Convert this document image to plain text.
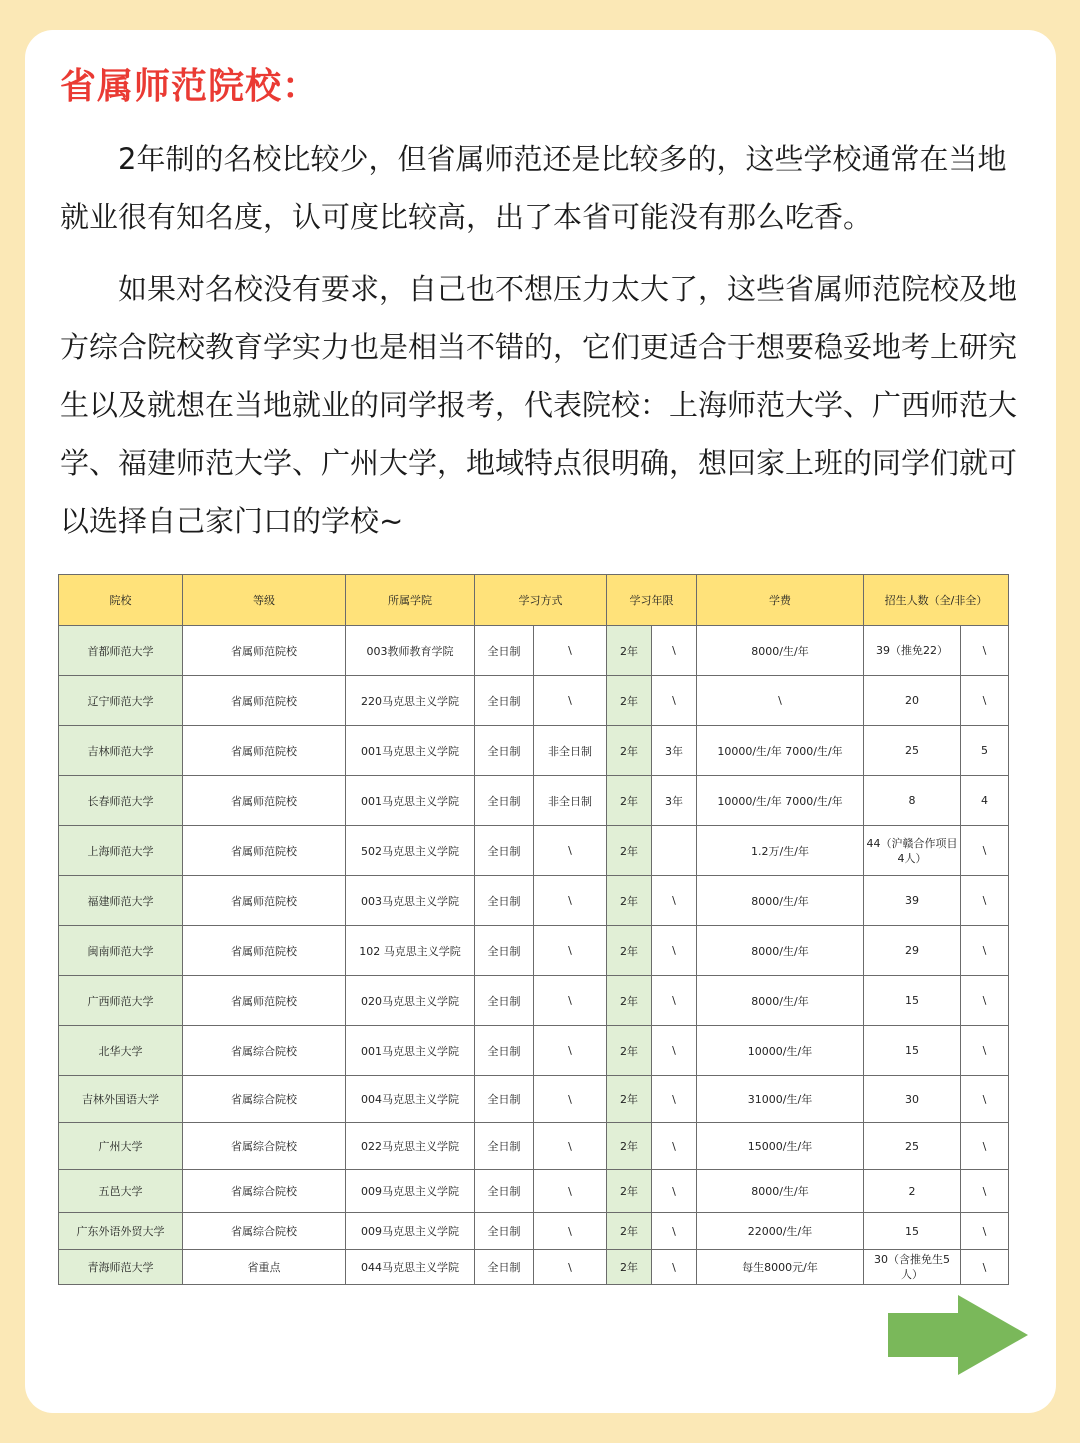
省属师范院校：

2年制的名校比较少，但省属师范还是比较多的，这些学校通常在当地就业很有知名度，认可度比较高，出了本省可能没有那么吃香。

如果对名校没有要求，自己也不想压力太大了，这些省属师范院校及地方综合院校教育学实力也是相当不错的，它们更适合于想要稳妥地考上研究生以及就想在当地就业的同学报考，代表院校：上海师范大学、广西师范大学、福建师范大学、广州大学，地域特点很明确，想回家上班的同学们就可以选择自己家门口的学校~

院校	等级	所属学院	学习方式		学习年限		学费	招生人数（全/非全）	
首都师范大学	省属师范院校	003教师教育学院	全日制	\	2年	\	8000/生/年	39（推免22）	\
辽宁师范大学	省属师范院校	220马克思主义学院	全日制	\	2年	\	\	20	\
吉林师范大学	省属师范院校	001马克思主义学院	全日制	非全日制	2年	3年	10000/生/年 7000/生/年	25	5
长春师范大学	省属师范院校	001马克思主义学院	全日制	非全日制	2年	3年	10000/生/年 7000/生/年	8	4
上海师范大学	省属师范院校	502马克思主义学院	全日制	\	2年		1.2万/生/年	44（沪赣合作项目4人）	\
福建师范大学	省属师范院校	003马克思主义学院	全日制	\	2年	\	8000/生/年	39	\
闽南师范大学	省属师范院校	102 马克思主义学院	全日制	\	2年	\	8000/生/年	29	\
广西师范大学	省属师范院校	020马克思主义学院	全日制	\	2年	\	8000/生/年	15	\
北华大学	省属综合院校	001马克思主义学院	全日制	\	2年	\	10000/生/年	15	\
吉林外国语大学	省属综合院校	004马克思主义学院	全日制	\	2年	\	31000/生/年	30	\
广州大学	省属综合院校	022马克思主义学院	全日制	\	2年	\	15000/生/年	25	\
五邑大学	省属综合院校	009马克思主义学院	全日制	\	2年	\	8000/生/年	2	\
广东外语外贸大学	省属综合院校	009马克思主义学院	全日制	\	2年	\	22000/生/年	15	\
青海师范大学	省重点	044马克思主义学院	全日制	\	2年	\	每生8000元/年	30（含推免生5人）	\
